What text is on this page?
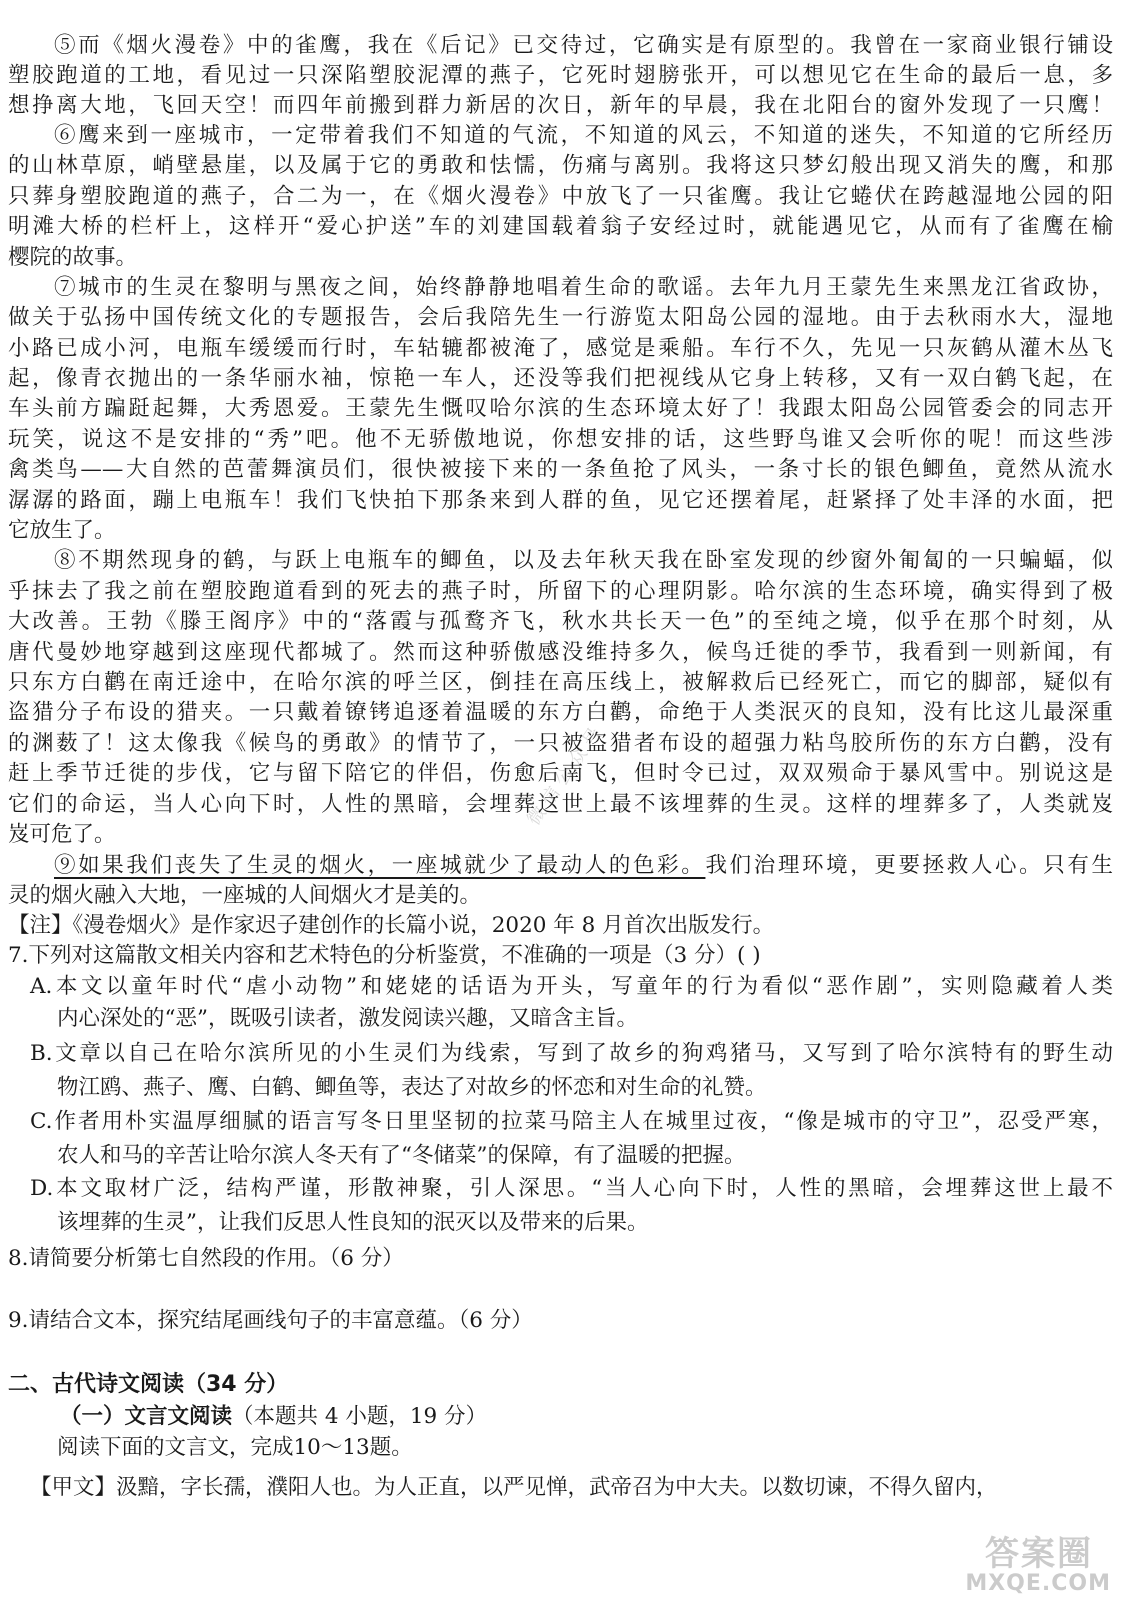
⑤而《烟火漫卷》中的雀鹰，我在《后记》已交待过，它确实是有原型的。我曾在一家商业银行铺设
塑胶跑道的工地，看见过一只深陷塑胶泥潭的燕子，它死时翅膀张开，可以想见它在生命的最后一息，多
想挣离大地，飞回天空！而四年前搬到群力新居的次日，新年的早晨，我在北阳台的窗外发现了一只鹰！
⑥鹰来到一座城市，一定带着我们不知道的气流，不知道的风云，不知道的迷失，不知道的它所经历
的山林草原，峭壁悬崖，以及属于它的勇敢和怯懦，伤痛与离别。我将这只梦幻般出现又消失的鹰，和那
只葬身塑胶跑道的燕子，合二为一，在《烟火漫卷》中放飞了一只雀鹰。我让它蜷伏在跨越湿地公园的阳
明滩大桥的栏杆上，这样开“爱心护送”车的刘建国载着翁子安经过时，就能遇见它，从而有了雀鹰在榆
樱院的故事。
⑦城市的生灵在黎明与黑夜之间，始终静静地唱着生命的歌谣。去年九月王蒙先生来黑龙江省政协，
做关于弘扬中国传统文化的专题报告，会后我陪先生一行游览太阳岛公园的湿地。由于去秋雨水大，湿地
小路已成小河，电瓶车缓缓而行时，车轱辘都被淹了，感觉是乘船。车行不久，先见一只灰鹤从灌木丛飞
起，像青衣抛出的一条华丽水袖，惊艳一车人，还没等我们把视线从它身上转移，又有一双白鹤飞起，在
车头前方蹁跹起舞，大秀恩爱。王蒙先生慨叹哈尔滨的生态环境太好了！我跟太阳岛公园管委会的同志开
玩笑，说这不是安排的“秀”吧。他不无骄傲地说，你想安排的话，这些野鸟谁又会听你的呢！而这些涉
禽类鸟——大自然的芭蕾舞演员们，很快被接下来的一条鱼抢了风头，一条寸长的银色鲫鱼，竟然从流水
潺潺的路面，蹦上电瓶车！我们飞快拍下那条来到人群的鱼，见它还摆着尾，赶紧择了处丰泽的水面，把
它放生了。
⑧不期然现身的鹤，与跃上电瓶车的鲫鱼，以及去年秋天我在卧室发现的纱窗外匍匐的一只蝙蝠，似
乎抹去了我之前在塑胶跑道看到的死去的燕子时，所留下的心理阴影。哈尔滨的生态环境，确实得到了极
大改善。王勃《滕王阁序》中的“落霞与孤鹜齐飞，秋水共长天一色”的至纯之境，似乎在那个时刻，从
唐代曼妙地穿越到这座现代都城了。然而这种骄傲感没维持多久，候鸟迁徙的季节，我看到一则新闻，有
只东方白鹳在南迁途中，在哈尔滨的呼兰区，倒挂在高压线上，被解救后已经死亡，而它的脚部，疑似有
盗猎分子布设的猎夹。一只戴着镣铐追逐着温暖的东方白鹳，命绝于人类泯灭的良知，没有比这儿最深重
的渊薮了！这太像我《候鸟的勇敢》的情节了，一只被盗猎者布设的超强力粘鸟胶所伤的东方白鹳，没有
赶上季节迁徙的步伐，它与留下陪它的伴侣，伤愈后南飞，但时令已过，双双殒命于暴风雪中。别说这是
它们的命运，当人心向下时，人性的黑暗，会埋葬这世上最不该埋葬的生灵。这样的埋葬多了，人类就岌
岌可危了。
⑨如果我们丧失了生灵的烟火，一座城就少了最动人的色彩。我们治理环境，更要拯救人心。只有生
灵的烟火融入大地，一座城的人间烟火才是美的。
【注】《漫卷烟火》是作家迟子建创作的长篇小说，2020 年 8 月首次出版发行。
7.下列对这篇散文相关内容和艺术特色的分析鉴赏，不准确的一项是（3 分）( )
A.本文以童年时代“虐小动物”和姥姥的话语为开头，写童年的行为看似“恶作剧”，实则隐藏着人类
内心深处的“恶”，既吸引读者，激发阅读兴趣，又暗含主旨。
B.文章以自己在哈尔滨所见的小生灵们为线索，写到了故乡的狗鸡猪马，又写到了哈尔滨特有的野生动
物江鸥、燕子、鹰、白鹤、鲫鱼等，表达了对故乡的怀恋和对生命的礼赞。
C.作者用朴实温厚细腻的语言写冬日里坚韧的拉菜马陪主人在城里过夜，“像是城市的守卫”，忍受严寒，
农人和马的辛苦让哈尔滨人冬天有了“冬储菜”的保障，有了温暖的把握。
D.本文取材广泛，结构严谨，形散神聚，引人深思。“当人心向下时，人性的黑暗，会埋葬这世上最不
该埋葬的生灵”，让我们反思人性良知的泯灭以及带来的后果。
8.请简要分析第七自然段的作用。（6 分）
9.请结合文本，探究结尾画线句子的丰富意蕴。（6 分）
二、古代诗文阅读（34 分）
（一）文言文阅读（本题共 4 小题，19 分）
阅读下面的文言文，完成10～13题。
【甲文】汲黯，字长孺，濮阳人也。为人正直，以严见惮，武帝召为中大夫。以数切谏，不得久留内，
微信公众号
答案圈
MXQE.COM
